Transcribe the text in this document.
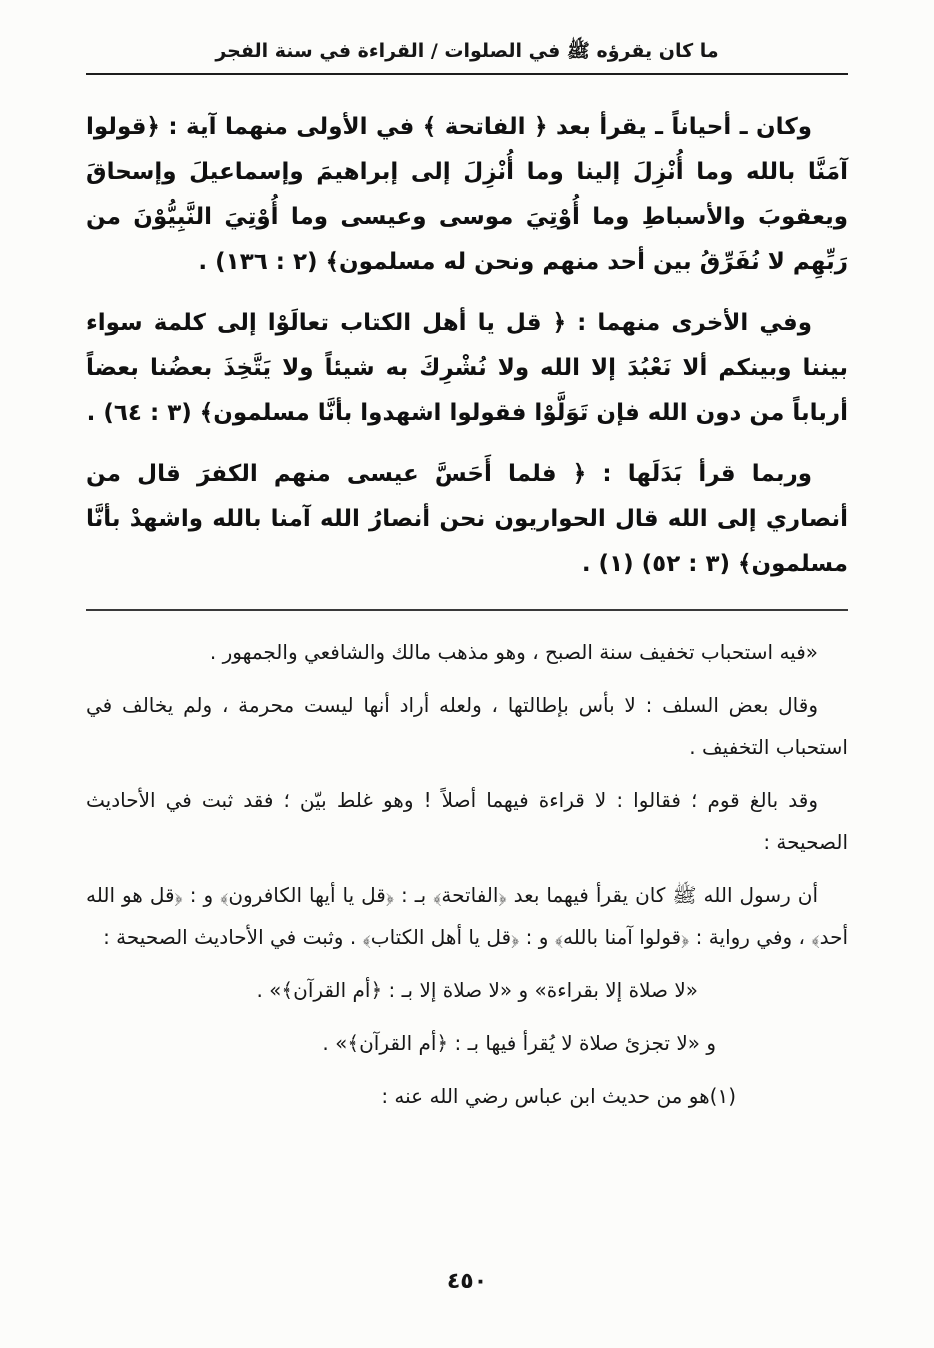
ما كان يقرؤه ﷺ في الصلوات / القراءة في سنة الفجر

وكان ـ أحياناً ـ يقرأ بعد ﴿ الفاتحة ﴾ في الأولى منهما آية : ﴿قولوا آمَنَّا بالله وما أُنْزِلَ إلينا وما أُنْزِلَ إلى إبراهيمَ وإسماعيلَ وإسحاقَ ويعقوبَ والأسباطِ وما أُوْتِيَ موسى وعيسى وما أُوْتِيَ النَّبِيُّوْنَ من رَبِّهِم لا نُفَرِّقُ بين أحد منهم ونحن له مسلمون﴾ (٢ : ١٣٦) .

وفي الأخرى منهما : ﴿ قل يا أهل الكتاب تعالَوْا إلى كلمة سواء بيننا وبينكم ألا نَعْبُدَ إلا الله ولا نُشْرِكَ به شيئاً ولا يَتَّخِذَ بعضُنا بعضاً أرباباً من دون الله فإن تَوَلَّوْا فقولوا اشهدوا بأنَّا مسلمون﴾ (٣ : ٦٤) .

وربما قرأ بَدَلَها : ﴿ فلما أَحَسَّ عيسى منهم الكفرَ قال من أنصاري إلى الله قال الحواريون نحن أنصارُ الله آمنا بالله واشهدْ بأنَّا مسلمون﴾ (٣ : ٥٢) (١) .

«فيه استحباب تخفيف سنة الصبح ، وهو مذهب مالك والشافعي والجمهور .

وقال بعض السلف : لا بأس بإطالتها ، ولعله أراد أنها ليست محرمة ، ولم يخالف في استحباب التخفيف .

وقد بالغ قوم ؛ فقالوا : لا قراءة فيهما أصلاً ! وهو غلط بيّن ؛ فقد ثبت في الأحاديث الصحيحة :

أن رسول الله ﷺ كان يقرأ فيهما بعد ﴿الفاتحة﴾ بـ : ﴿قل يا أيها الكافرون﴾ و : ﴿قل هو الله أحد﴾ ، وفي رواية : ﴿قولوا آمنا بالله﴾ و : ﴿قل يا أهل الكتاب﴾ . وثبت في الأحاديث الصحيحة :

«لا صلاة إلا بقراءة» و «لا صلاة إلا بـ : ﴿أم القرآن﴾» .

و «لا تجزئ صلاة لا يُقرأ فيها بـ : ﴿أم القرآن﴾» .

(١)هو من حديث ابن عباس رضي الله عنه :

٤٥٠
